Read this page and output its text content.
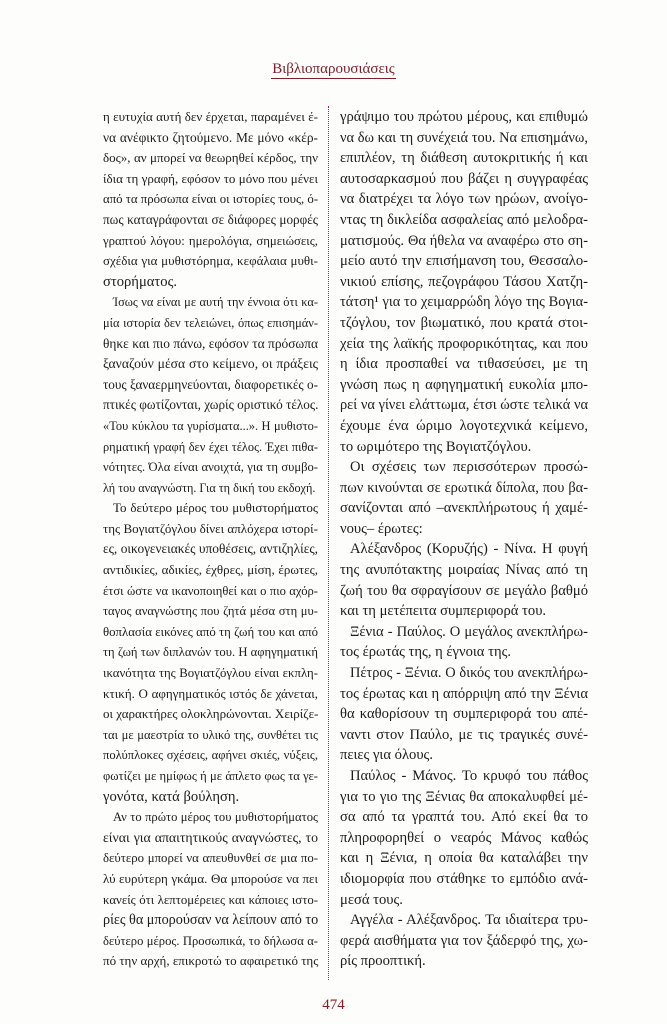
Βιβλιοπαρουσιάσεις
η ευτυχία αυτή δεν έρχεται, παραμένει έ-
να ανέφικτο ζητούμενο. Με μόνο «κέρ-
δος», αν μπορεί να θεωρηθεί κέρδος, την
ίδια τη γραφή, εφόσον το μόνο που μένει
από τα πρόσωπα είναι οι ιστορίες τους, ό-
πως καταγράφονται σε διάφορες μορφές
γραπτού λόγου: ημερολόγια, σημειώσεις,
σχέδια για μυθιστόρημα, κεφάλαια μυθι-
στορήματος.
Ίσως να είναι με αυτή την έννοια ότι κα-
μία ιστορία δεν τελειώνει, όπως επισημάν-
θηκε και πιο πάνω, εφόσον τα πρόσωπα
ξαναζούν μέσα στο κείμενο, οι πράξεις
τους ξαναερμηνεύονται, διαφορετικές ο-
πτικές φωτίζονται, χωρίς οριστικό τέλος.
«Του κύκλου τα γυρίσματα...». Η μυθιστο-
ρηματική γραφή δεν έχει τέλος. Έχει πιθα-
νότητες. Όλα είναι ανοιχτά, για τη συμβο-
λή του αναγνώστη. Για τη δική του εκδοχή.
Το δεύτερο μέρος του μυθιστορήματος
της Βογιατζόγλου δίνει απλόχερα ιστορί-
ες, οικογενειακές υποθέσεις, αντιζηλίες,
αντιδικίες, αδικίες, έχθρες, μίση, έρωτες,
έτσι ώστε να ικανοποιηθεί και ο πιο αχόρ-
ταγος αναγνώστης που ζητά μέσα στη μυ-
θοπλασία εικόνες από τη ζωή του και από
τη ζωή των διπλανών του. Η αφηγηματική
ικανότητα της Βογιατζόγλου είναι εκπλη-
κτική. Ο αφηγηματικός ιστός δε χάνεται,
οι χαρακτήρες ολοκληρώνονται. Χειρίζε-
ται με μαεστρία το υλικό της, συνθέτει τις
πολύπλοκες σχέσεις, αφήνει σκιές, νύξεις,
φωτίζει με ημίφως ή με άπλετο φως τα γε-
γονότα, κατά βούληση.
Αν το πρώτο μέρος του μυθιστορήματος
είναι για απαιτητικούς αναγνώστες, το
δεύτερο μπορεί να απευθυνθεί σε μια πο-
λύ ευρύτερη γκάμα. Θα μπορούσε να πει
κανείς ότι λεπτομέρειες και κάποιες ιστο-
ρίες θα μπορούσαν να λείπουν από το
δεύτερο μέρος. Προσωπικά, το δήλωσα α-
πό την αρχή, επικροτώ το αφαιρετικό της
γράψιμο του πρώτου μέρους, και επιθυμώ
να δω και τη συνέχειά του. Να επισημάνω,
επιπλέον, τη διάθεση αυτοκριτικής ή και
αυτοσαρκασμού που βάζει η συγγραφέας
να διατρέχει τα λόγο των ηρώων, ανοίγο-
ντας τη δικλείδα ασφαλείας από μελοδρα-
ματισμούς. Θα ήθελα να αναφέρω στο ση-
μείο αυτό την επισήμανση του, Θεσσαλο-
νικιού επίσης, πεζογράφου Τάσου Χατζη-
τάτση¹ για το χειμαρρώδη λόγο της Βογια-
τζόγλου, τον βιωματικό, που κρατά στοι-
χεία της λαϊκής προφορικότητας, και που
η ίδια προσπαθεί να τιθασεύσει, με τη
γνώση πως η αφηγηματική ευκολία μπο-
ρεί να γίνει ελάττωμα, έτσι ώστε τελικά να
έχουμε ένα ώριμο λογοτεχνικά κείμενο,
το ωριμότερο της Βογιατζόγλου.
Οι σχέσεις των περισσότερων προσώ-
πων κινούνται σε ερωτικά δίπολα, που βα-
σανίζονται από –ανεκπλήρωτους ή χαμέ-
νους– έρωτες:
Αλέξανδρος (Κορυζής) - Νίνα. Η φυγή
της ανυπότακτης μοιραίας Νίνας από τη
ζωή του θα σφραγίσουν σε μεγάλο βαθμό
και τη μετέπειτα συμπεριφορά του.
Ξένια - Παύλος. Ο μεγάλος ανεκπλήρω-
τος έρωτάς της, η έγνοια της.
Πέτρος - Ξένια. Ο δικός του ανεκπλήρω-
τος έρωτας και η απόρριψη από την Ξένια
θα καθορίσουν τη συμπεριφορά του απέ-
ναντι στον Παύλο, με τις τραγικές συνέ-
πειες για όλους.
Παύλος - Μάνος. Το κρυφό του πάθος
για το γιο της Ξένιας θα αποκαλυφθεί μέ-
σα από τα γραπτά του. Από εκεί θα το
πληροφορηθεί ο νεαρός Μάνος καθώς
και η Ξένια, η οποία θα καταλάβει την
ιδιομορφία που στάθηκε το εμπόδιο ανά-
μεσά τους.
Αγγέλα - Αλέξανδρος. Τα ιδιαίτερα τρυ-
φερά αισθήματα για τον ξάδερφό της, χω-
ρίς προοπτική.
474
